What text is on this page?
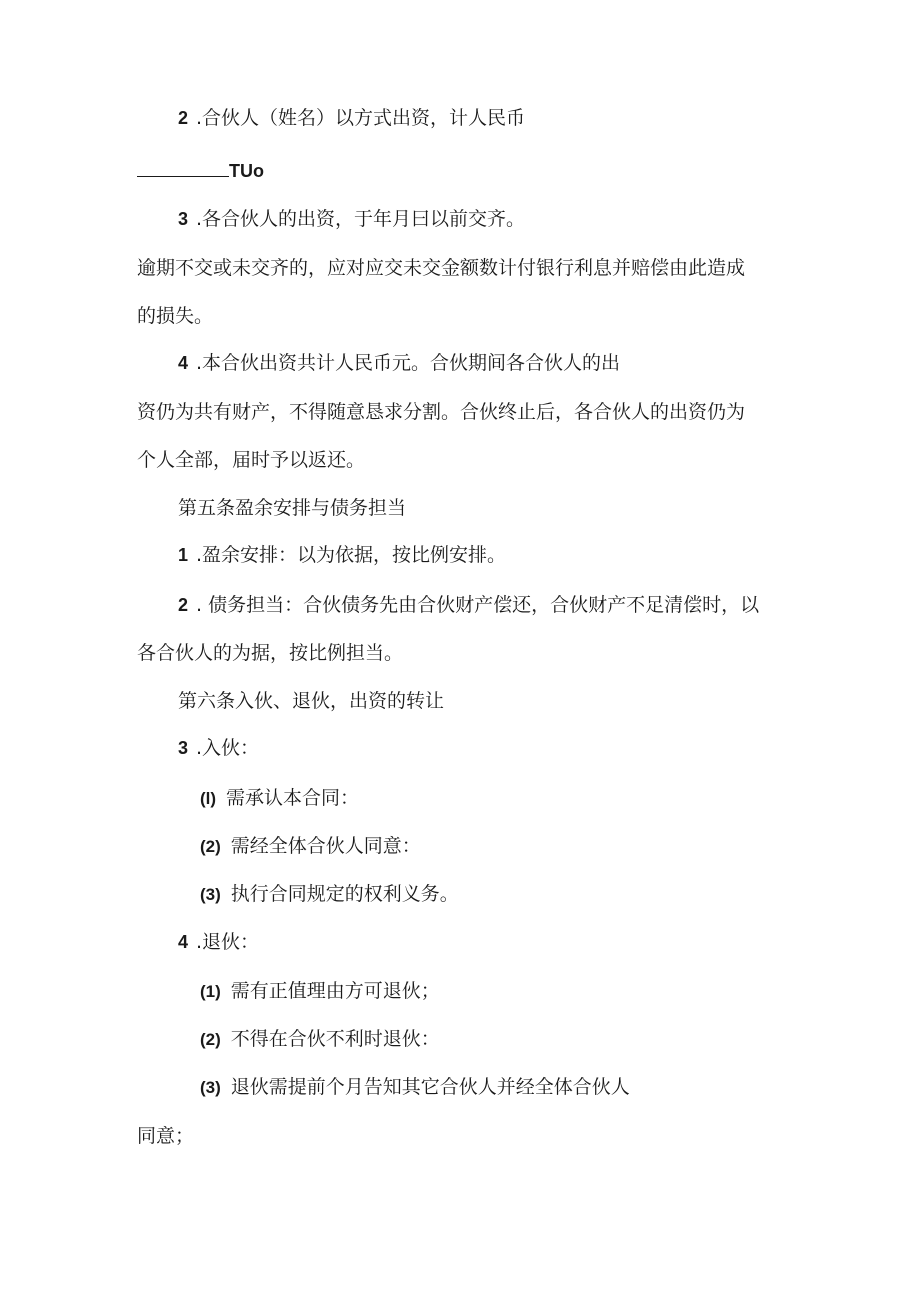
2 .合伙人（姓名）以方式出资，计人民币
TUo
3 .各合伙人的出资，于年月曰以前交齐。
逾期不交或未交齐的，应对应交未交金额数计付银行利息并赔偿由此造成
的损失。
4 .本合伙出资共计人民币元。合伙期间各合伙人的出
资仍为共有财产，不得随意恳求分割。合伙终止后，各合伙人的出资仍为
个人全部，届时予以返还。
第五条盈余安排与债务担当
1 .盈余安排：以为依据，按比例安排。
2 . 债务担当：合伙债务先由合伙财产偿还，合伙财产不足清偿时，以
各合伙人的为据，按比例担当。
第六条入伙、退伙，出资的转让
3 .入伙：
(l) 需承认本合同：
(2) 需经全体合伙人同意：
(3) 执行合同规定的权利义务。
4 .退伙：
(1) 需有正值理由方可退伙；
(2) 不得在合伙不利时退伙：
(3) 退伙需提前个月告知其它合伙人并经全体合伙人
同意；
